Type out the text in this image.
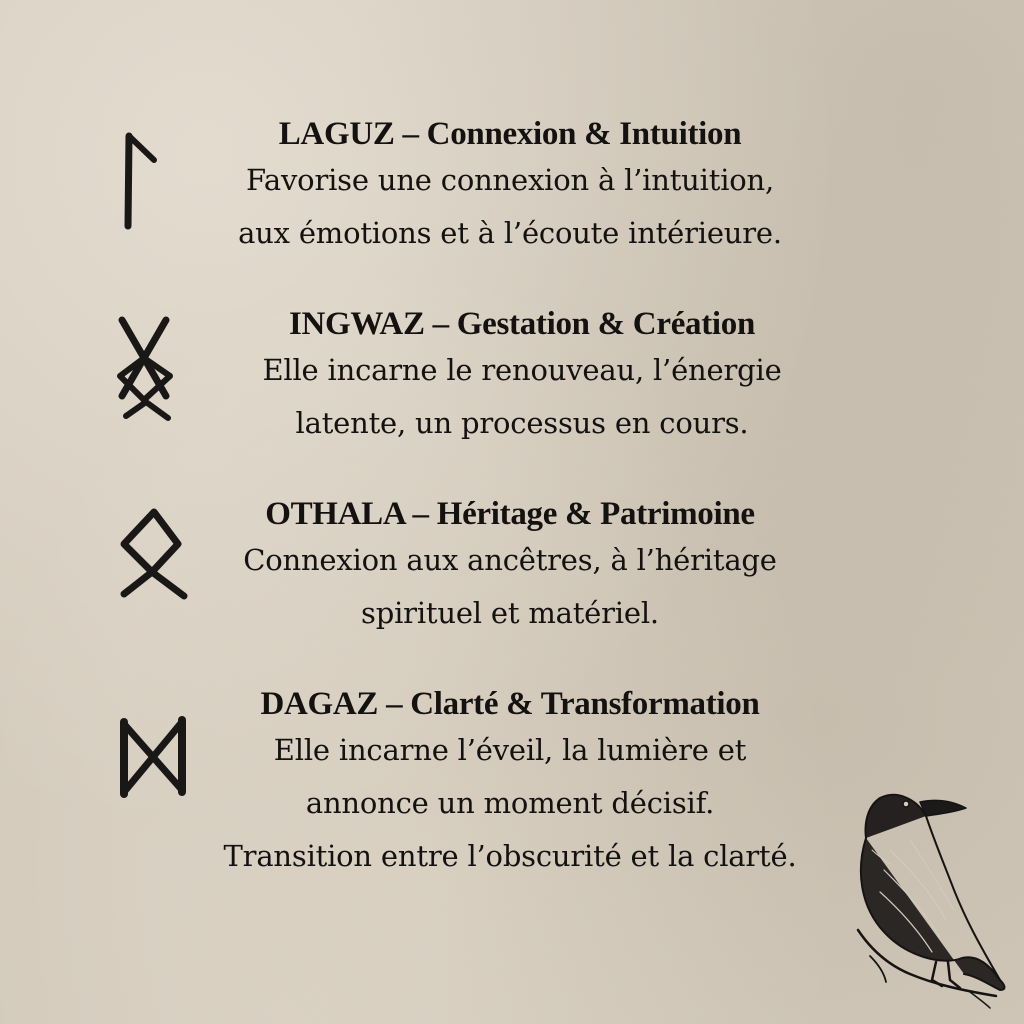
LAGUZ – Connexion & Intuition
Favorise une connexion à l’intuition,
aux émotions et à l’écoute intérieure.
INGWAZ – Gestation & Création
Elle incarne le renouveau, l’énergie
latente, un processus en cours.
OTHALA – Héritage & Patrimoine
Connexion aux ancêtres, à l’héritage
spirituel et matériel.
DAGAZ – Clarté & Transformation
Elle incarne l’éveil, la lumière et
annonce un moment décisif.
Transition entre l’obscurité et la clarté.
